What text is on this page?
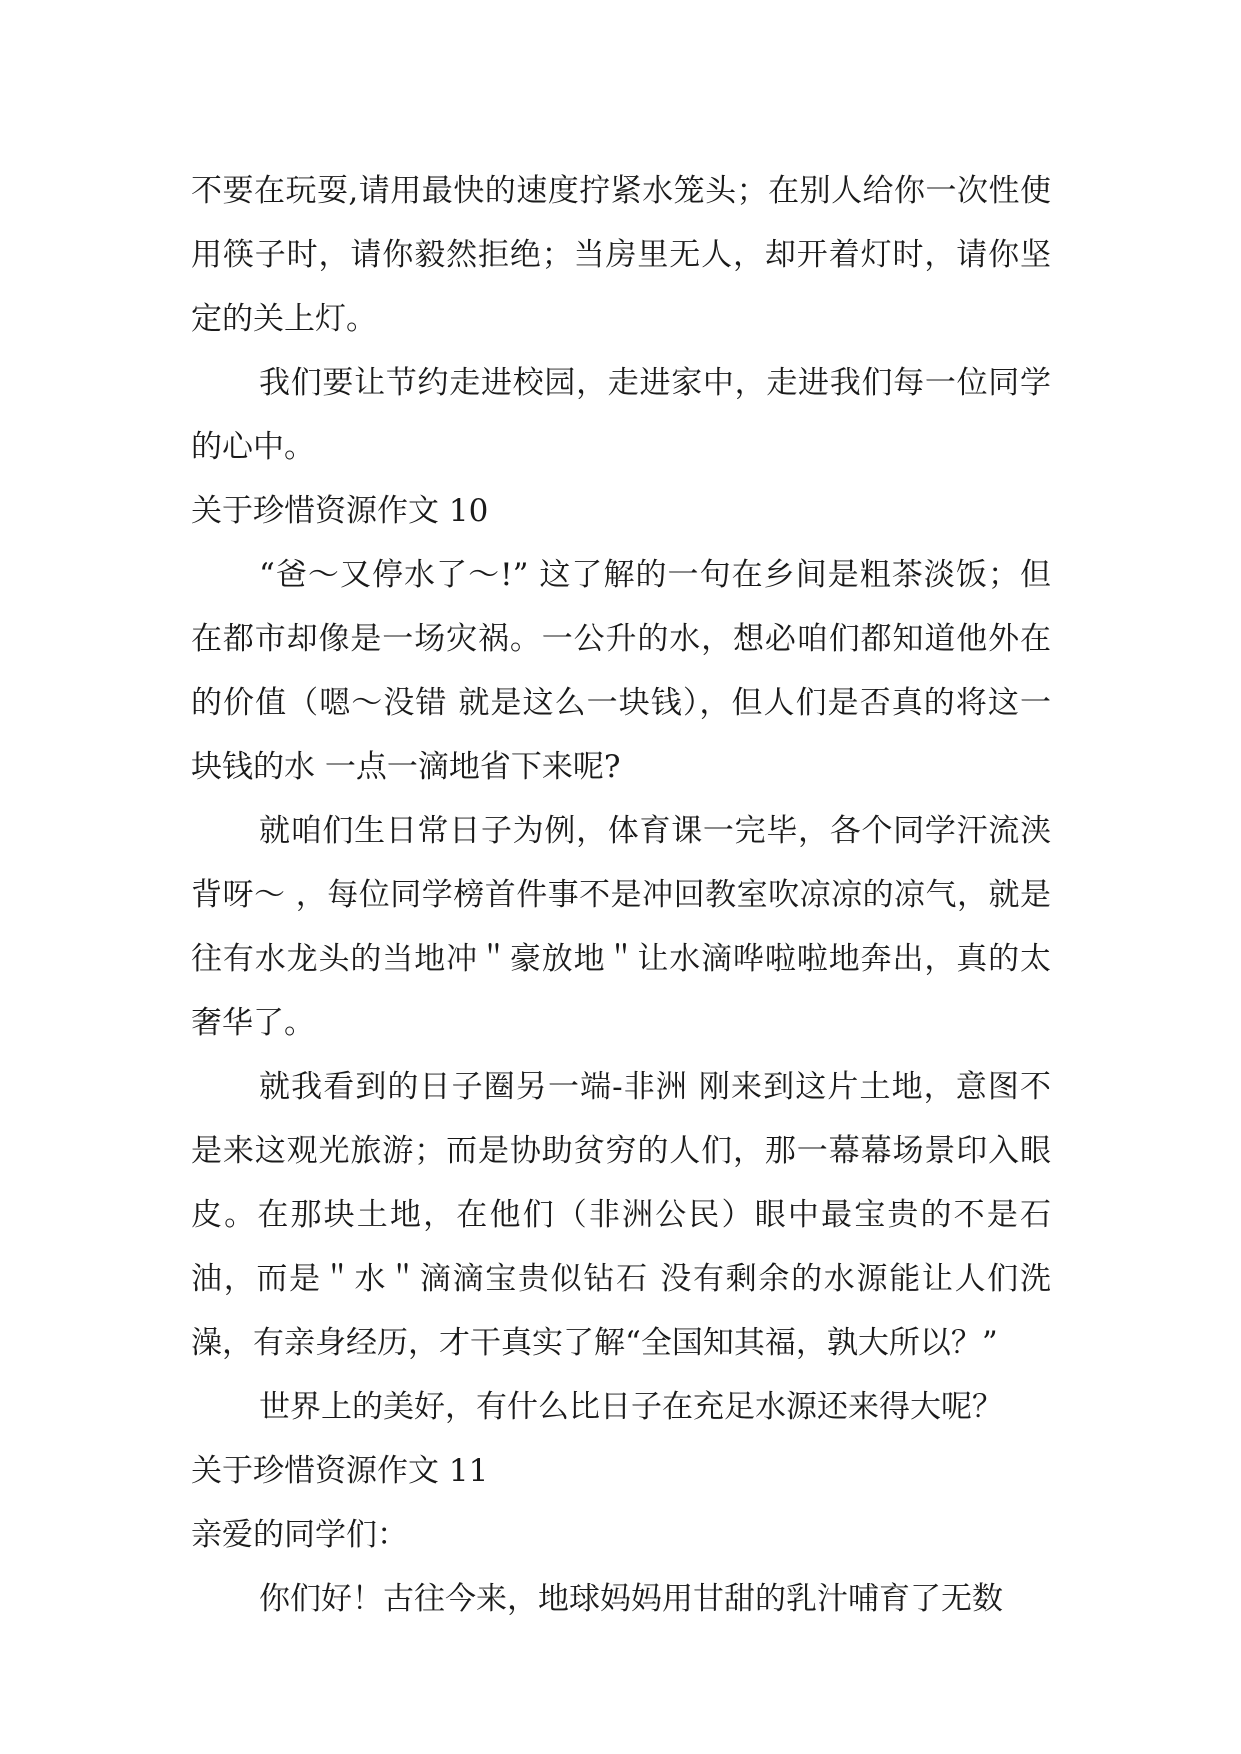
不要在玩耍,请用最快的速度拧紧水笼头；在别人给你一次性使用筷子时，请你毅然拒绝；当房里无人，却开着灯时，请你坚定的关上灯。

我们要让节约走进校园，走进家中，走进我们每一位同学的心中。

关于珍惜资源作文 10

“爸～又停水了～!” 这了解的一句在乡间是粗茶淡饭；但在都市却像是一场灾祸。一公升的水，想必咱们都知道他外在的价值（嗯～没错 就是这么一块钱），但人们是否真的将这一块钱的水 一点一滴地省下来呢?

就咱们生日常日子为例，体育课一完毕，各个同学汗流浃背呀～ ，每位同学榜首件事不是冲回教室吹凉凉的凉气，就是往有水龙头的当地冲＂豪放地＂让水滴哗啦啦地奔出，真的太奢华了。

就我看到的日子圈另一端-非洲 刚来到这片土地，意图不是来这观光旅游；而是协助贫穷的人们，那一幕幕场景印入眼皮。在那块土地，在他们（非洲公民）眼中最宝贵的不是石油，而是＂水＂滴滴宝贵似钻石 没有剩余的水源能让人们洗澡，有亲身经历，才干真实了解“全国知其福，孰大所以？”

世界上的美好，有什么比日子在充足水源还来得大呢？

关于珍惜资源作文 11

亲爱的同学们：

你们好！古往今来，地球妈妈用甘甜的乳汁哺育了无数
